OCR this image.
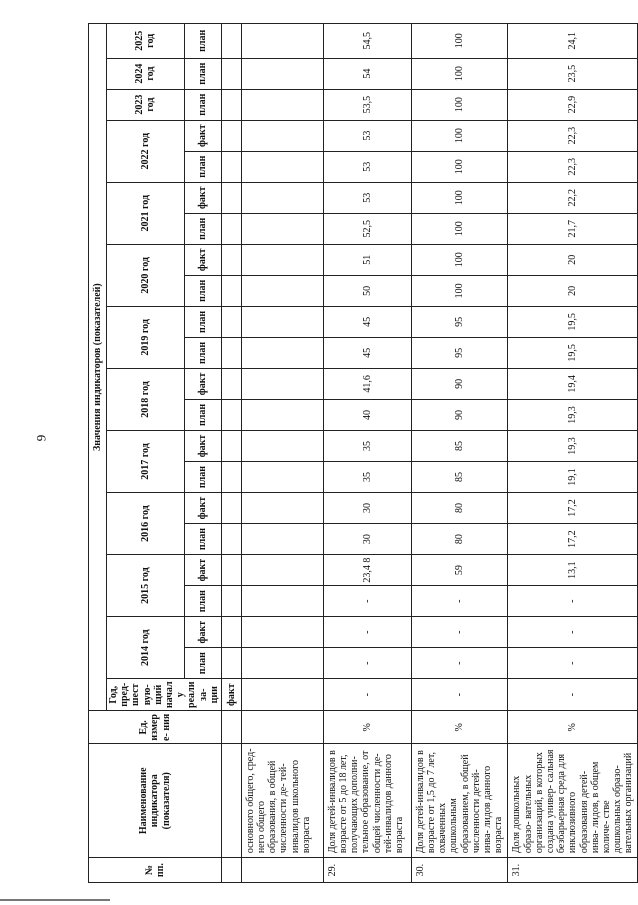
9
№ пп.	Наименование индикатора (показателя)	Ед. измере- ния	Значения индикаторов (показателей)																					
			Год, пред- шествую- щий началу реализа- ции	2014 год		2015 год		2016 год		2017 год		2018 год		2019 год		2020 год		2021 год		2022 год		2023 год	2024 год	2025 год
				план	факт	план	факт	план	факт	план	факт	план	факт	план	план	план	факт	план	факт	план	факт	план	план	план
			факт																					
	основного общего, сред- него общего образования, в общей численности де- тей-инвалидов школьного возраста																							
29.	Доля детей-инвалидов в возрасте от 5 до 18 лет, получающих дополни- тельное образование, от общей численности де- тей-инвалидов данного возраста	%	-	-	-	-	23,4 8	30	30	35	35	40	41,6	45	45	50	51	52,5	53	53	53	53,5	54	54,5
30.	Доля детей-инвалидов в возрасте от 1,5 до 7 лет, охваченных дошкольным образованием, в общей численности детей-инва- лидов данного возраста	%	-	-	-	-	59	80	80	85	85	90	90	95	95	100	100	100	100	100	100	100	100	100
31.	Доля дошкольных образо- вательных организаций, в которых создана универ- сальная безбарьерная среда для инклюзивного образования детей-инва- лидов, в общем количе- стве дошкольных образо- вательных организаций	%	-	-	-	-	13,1	17,2	17,2	19,1	19,3	19,3	19,4	19,5	19,5	20	20	21,7	22,2	22,3	22,3	22,9	23,5	24,1
